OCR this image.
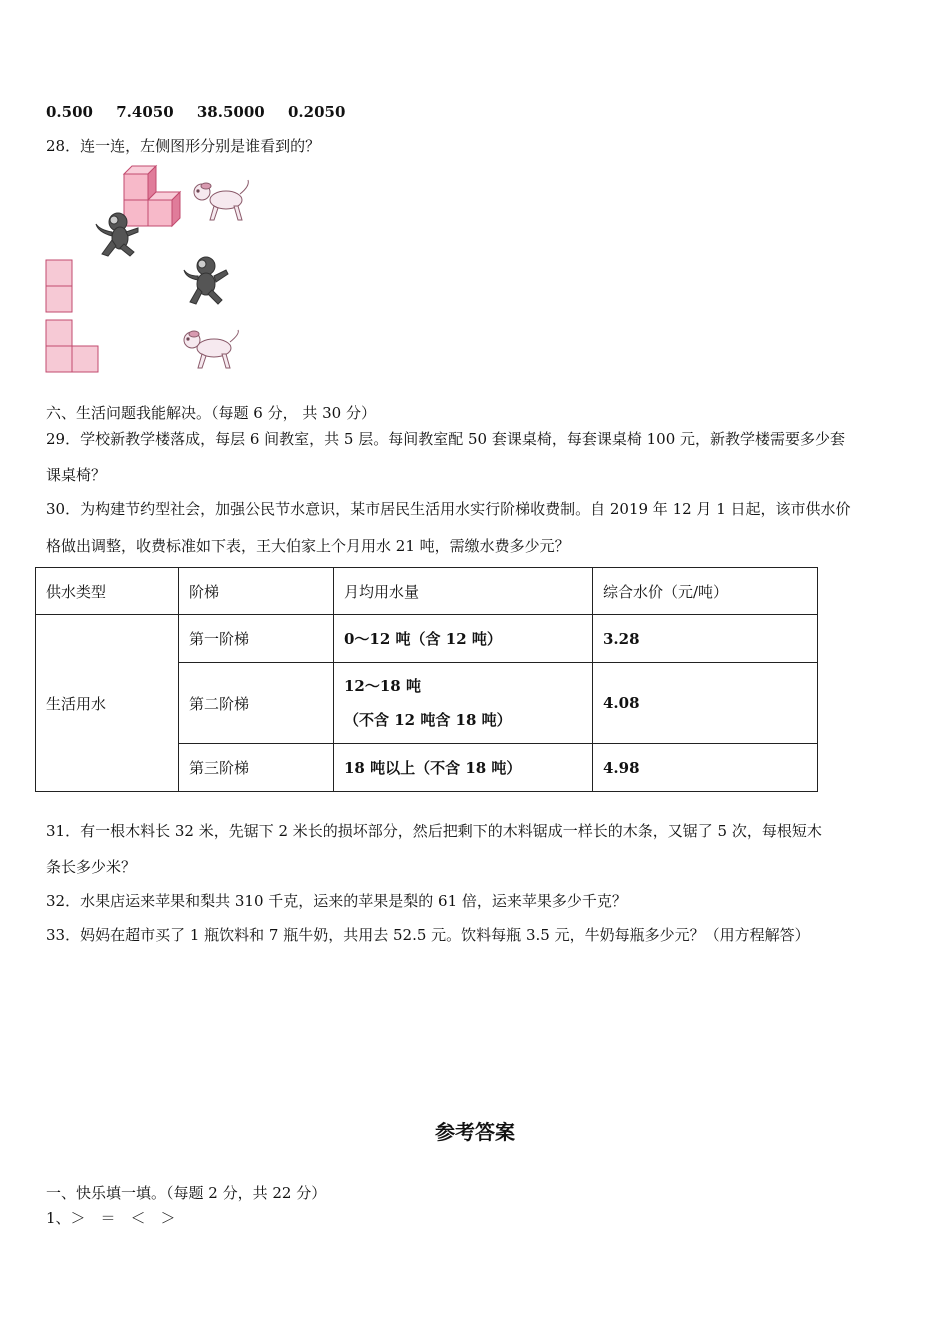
0.500 7.4050 38.5000 0.2050
28．连一连，左侧图形分别是谁看到的？
六、生活问题我能解决。（每题 6 分， 共 30 分）
29．学校新教学楼落成，每层 6 间教室，共 5 层。每间教室配 50 套课桌椅，每套课桌椅 100 元，新教学楼需要多少套
课桌椅？
30．为构建节约型社会，加强公民节水意识，某市居民生活用水实行阶梯收费制。自 2019 年 12 月 1 日起，该市供水价
格做出调整，收费标准如下表，王大伯家上个月用水 21 吨，需缴水费多少元？
供水类型	阶梯	月均用水量	综合水价（元/吨）
生活用水	第一阶梯	0～12 吨（含 12 吨）	3.28
	第二阶梯	12～18 吨
（不含 12 吨含 18 吨）	4.08
	第三阶梯	18 吨以上（不含 18 吨）	4.98
31．有一根木料长 32 米，先锯下 2 米长的损坏部分，然后把剩下的木料锯成一样长的木条，又锯了 5 次，每根短木
条长多少米？
32．水果店运来苹果和梨共 310 千克，运来的苹果是梨的 61 倍，运来苹果多少千克？
33．妈妈在超市买了 1 瓶饮料和 7 瓶牛奶，共用去 52.5 元。饮料每瓶 3.5 元，牛奶每瓶多少元？（用方程解答）
参考答案
一、快乐填一填。（每题 2 分，共 22 分）
1、＞　＝　＜　＞
